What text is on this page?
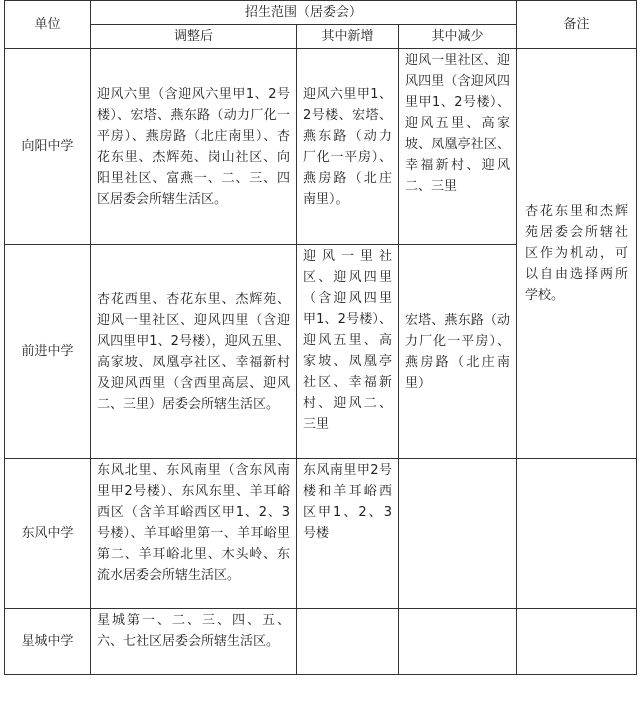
单位	招生范围（居委会）			备注
	调整后	其中新增	其中减少	
向阳中学	迎风六里（含迎风六里甲1、2号楼）、宏塔、燕东路（动力厂化一平房）、燕房路（北庄南里）、杏花东里、杰辉苑、岗山社区、向阳里社区、富燕一、二、三、四区居委会所辖生活区。	迎风六里甲1、2号楼、宏塔、燕东路（动力厂化一平房）、燕房路（北庄南里）。	迎风一里社区、迎风四里（含迎风四里甲1、2号楼）、迎风五里、高家坡、凤凰亭社区、幸福新村、迎风二、三里	杏花东里和杰辉苑居委会所辖社区作为机动，可以自由选择两所学校。
前进中学	杏花西里、杏花东里、杰辉苑、迎风一里社区、迎风四里（含迎风四里甲1、2号楼），迎风五里、高家坡、凤凰亭社区、幸福新村及迎风西里（含西里高层、迎风二、三里）居委会所辖生活区。	迎风一里社区、迎风四里（含迎风四里甲1、2号楼）、迎风五里、高家坡、凤凰亭社区、幸福新村、迎风二、三里	宏塔、燕东路（动力厂化一平房）、燕房路（北庄南里）	
东风中学	东风北里、东风南里（含东风南里甲2号楼）、东风东里、羊耳峪西区（含羊耳峪西区甲1、2、3号楼）、羊耳峪里第一、羊耳峪里第二、羊耳峪北里、木头岭、东流水居委会所辖生活区。	东风南里甲2号楼和羊耳峪西区甲1、2、3号楼		
星城中学	星城第一、二、三、四、五、六、七社区居委会所辖生活区。			
